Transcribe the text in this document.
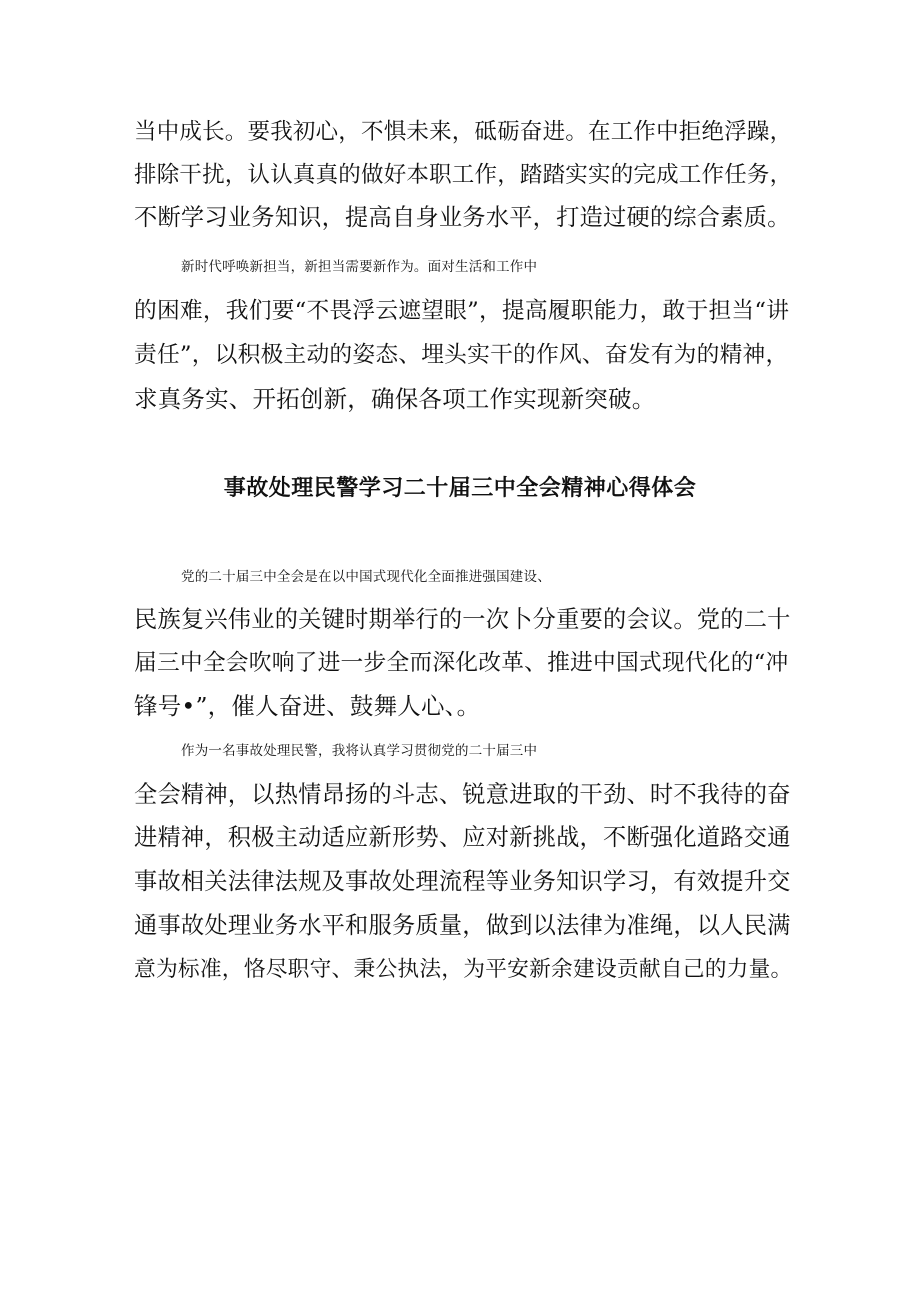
当中成长。要我初心，不惧未来，砥砺奋进。在工作中拒绝浮躁，
排除干扰，认认真真的做好本职工作，踏踏实实的完成工作任务，
不断学习业务知识，提高自身业务水平，打造过硬的综合素质。
新时代呼唤新担当，新担当需要新作为。面对生活和工作中
的困难，我们要“不畏浮云遮望眼”，提高履职能力，敢于担当“讲
责任”，以积极主动的姿态、埋头实干的作风、奋发有为的精神，
求真务实、开拓创新，确保各项工作实现新突破。
事故处理民警学习二十届三中全会精神心得体会
党的二十届三中全会是在以中国式现代化全面推进强国建设、
民族复兴伟业的关键时期举行的一次卜分重要的会议。党的二十
届三中全会吹响了进一步全而深化改革、推进中国式现代化的“冲
锋号•”，催人奋进、鼓舞人心、。
作为一名事故处理民警，我将认真学习贯彻党的二十届三中
全会精神，以热情昂扬的斗志、锐意进取的干劲、时不我待的奋
进精神，积极主动适应新形势、应对新挑战，不断强化道路交通
事故相关法律法规及事故处理流程等业务知识学习，有效提升交
通事故处理业务水平和服务质量，做到以法律为准绳，以人民满
意为标准，恪尽职守、秉公执法，为平安新余建设贡献自己的力量。
